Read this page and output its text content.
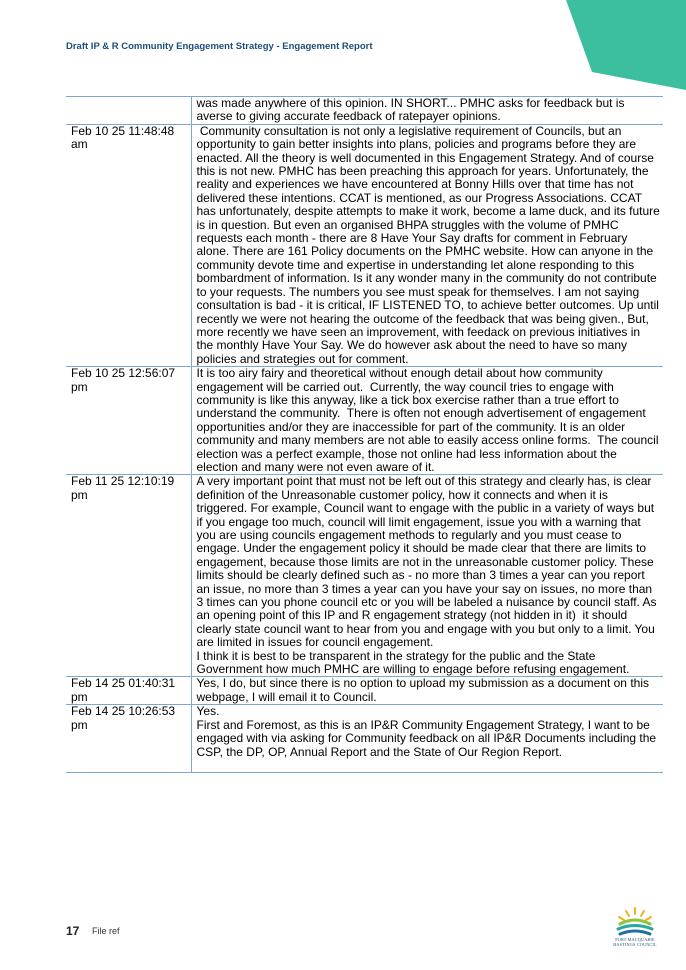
Draft IP & R Community Engagement Strategy - Engagement Report
	was made anywhere of this opinion. IN SHORT... PMHC asks for feedback but is averse to giving accurate feedback of ratepayer opinions.
Feb 10 25 11:48:48 am	Community consultation is not only a legislative requirement of Councils, but an opportunity to gain better insights into plans, policies and programs before they are enacted. All the theory is well documented in this Engagement Strategy. And of course this is not new. PMHC has been preaching this approach for years. Unfortunately, the reality and experiences we have encountered at Bonny Hills over that time has not delivered these intentions. CCAT is mentioned, as our Progress Associations. CCAT has unfortunately, despite attempts to make it work, become a lame duck, and its future is in question. But even an organised BHPA struggles with the volume of PMHC requests each month - there are 8 Have Your Say drafts for comment in February alone. There are 161 Policy documents on the PMHC website. How can anyone in the community devote time and expertise in understanding let alone responding to this bombardment of information. Is it any wonder many in the community do not contribute to your requests. The numbers you see must speak for themselves. I am not saying consultation is bad - it is critical, IF LISTENED TO, to achieve better outcomes. Up until recently we were not hearing the outcome of the feedback that was being given., But, more recently we have seen an improvement, with feedack on previous initiatives in the monthly Have Your Say. We do however ask about the need to have so many policies and strategies out for comment.
Feb 10 25 12:56:07 pm	It is too airy fairy and theoretical without enough detail about how community engagement will be carried out.  Currently, the way council tries to engage with community is like this anyway, like a tick box exercise rather than a true effort to understand the community.  There is often not enough advertisement of engagement opportunities and/or they are inaccessible for part of the community. It is an older community and many members are not able to easily access online forms.  The council election was a perfect example, those not online had less information about the election and many were not even aware of it.
Feb 11 25 12:10:19 pm	A very important point that must not be left out of this strategy and clearly has, is clear definition of the Unreasonable customer policy, how it connects and when it is triggered. For example, Council want to engage with the public in a variety of ways but if you engage too much, council will limit engagement, issue you with a warning that you are using councils engagement methods to regularly and you must cease to engage. Under the engagement policy it should be made clear that there are limits to engagement, because those limits are not in the unreasonable customer policy. These limits should be clearly defined such as - no more than 3 times a year can you report an issue, no more than 3 times a year can you have your say on issues, no more than 3 times can you phone council etc or you will be labeled a nuisance by council staff. As an opening point of this IP and R engagement strategy (not hidden in it)  it should clearly state council want to hear from you and engage with you but only to a limit. You are limited in issues for council engagement.
I think it is best to be transparent in the strategy for the public and the State Government how much PMHC are willing to engage before refusing engagement.
Feb 14 25 01:40:31 pm	Yes, I do, but since there is no option to upload my submission as a document on this webpage, I will email it to Council.
Feb 14 25 10:26:53 pm	Yes.
First and Foremost, as this is an IP&R Community Engagement Strategy, I want to be engaged with via asking for Community feedback on all IP&R Documents including the CSP, the DP, OP, Annual Report and the State of Our Region Report.

17 File ref
PORT MACQUARIE
HASTINGS COUNCIL
